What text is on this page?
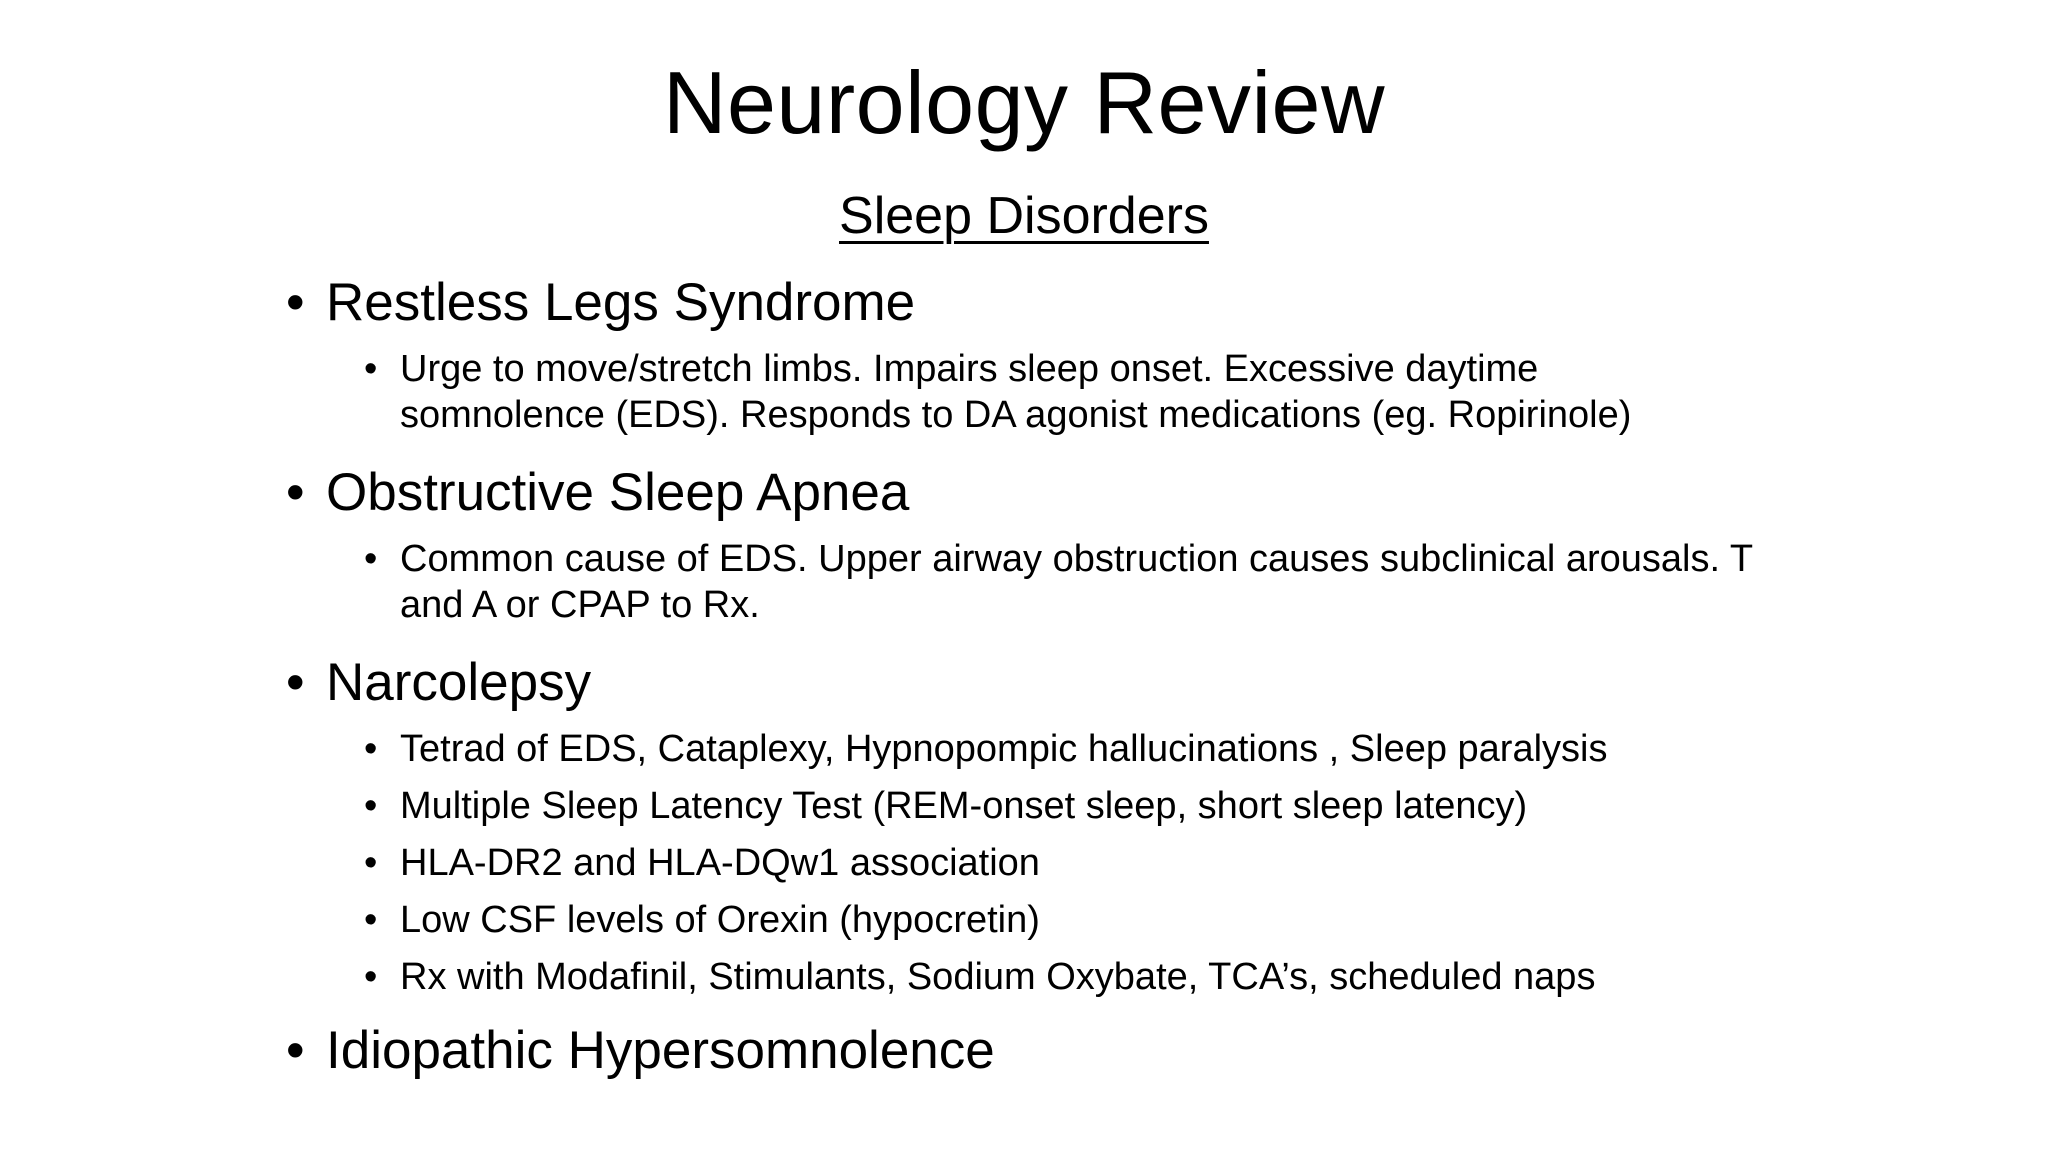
Neurology Review
Sleep Disorders
• Restless Legs Syndrome
• Urge to move/stretch limbs. Impairs sleep onset. Excessive daytime somnolence (EDS). Responds to DA agonist medications (eg. Ropirinole)
• Obstructive Sleep Apnea
• Common cause of EDS. Upper airway obstruction causes subclinical arousals. T and A or CPAP to Rx.
• Narcolepsy
• Tetrad of EDS, Cataplexy, Hypnopompic hallucinations , Sleep paralysis
• Multiple Sleep Latency Test (REM-onset sleep, short sleep latency)
• HLA-DR2 and HLA-DQw1 association
• Low CSF levels of Orexin (hypocretin)
• Rx with Modafinil, Stimulants, Sodium Oxybate, TCA’s, scheduled naps
• Idiopathic Hypersomnolence
